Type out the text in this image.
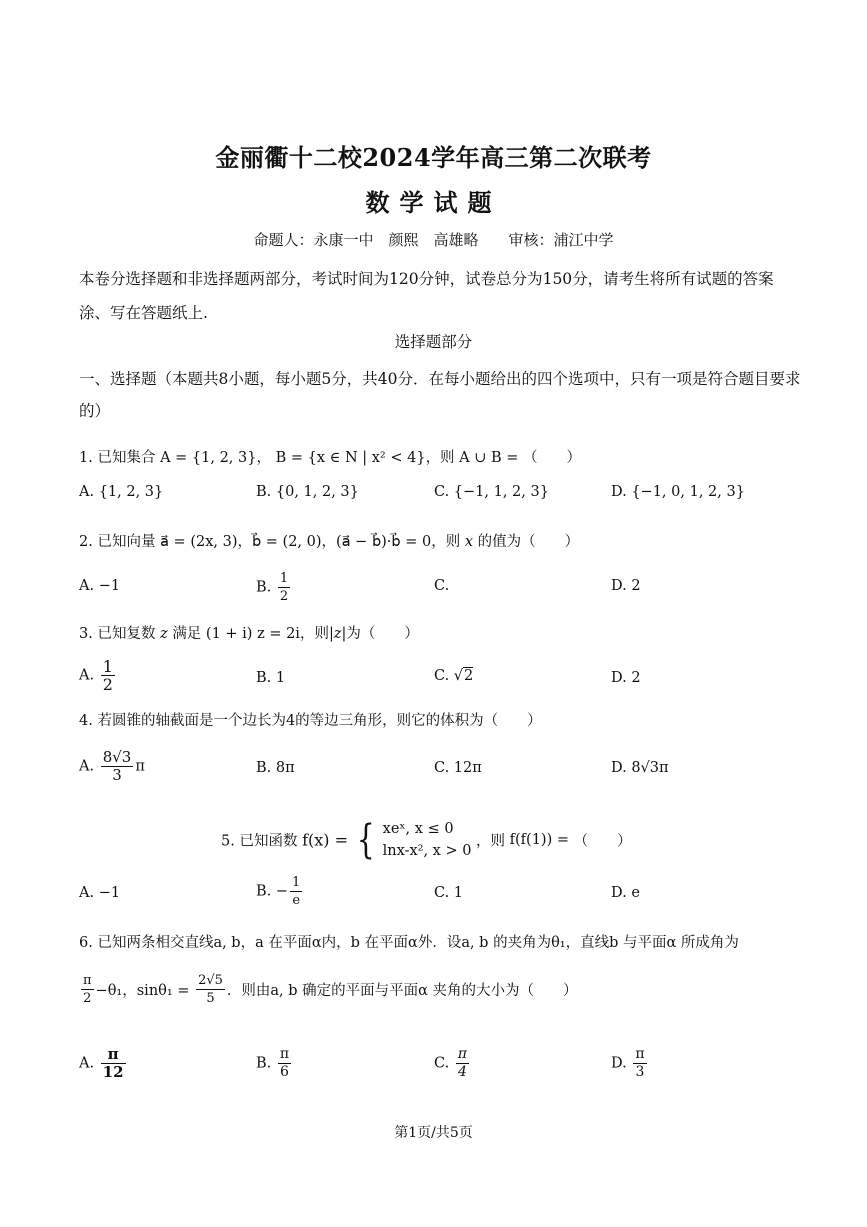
金丽衢十二校2024学年高三第二次联考
数学试题
命题人：永康一中　颜熙　高雄略　　审核：浦江中学
本卷分选择题和非选择题两部分，考试时间为120分钟，试卷总分为150分，请考生将所有试题的答案涂、写在答题纸上.
选择题部分
一、选择题（本题共8小题，每小题5分，共40分．在每小题给出的四个选项中，只有一项是符合题目要求的）
1. 已知集合 A = {1, 2, 3}， B = {x ∈ N | x² < 4}，则 A ∪ B = （　　）
A. {1, 2, 3}	B. {0, 1, 2, 3}	C. {−1, 1, 2, 3}	D. {−1, 0, 1, 2, 3}
2. 已知向量 a⃗ = (2x, 3)，b⃗ = (2, 0)，(a⃗ − b⃗)·b⃗ = 0，则 x 的值为（　　）
A. −1	B. $\frac{1}{2}$	C.	D. 2
3. 已知复数 z 满足 (1 + i) z = 2i，则|z|为（　　）
A. $\frac{1}{2}$	B. 1	C. √2	D. 2
4. 若圆锥的轴截面是一个边长为4的等边三角形，则它的体积为（　　）
A. $\frac{8√3}{3}$ π	B. 8π	C. 12π	D. 8√3π
5. 已知函数 f(x) = { xeˣ, x ≤ 0
lnx-x², x > 0
，则 f(f(1)) = （　　）
A. −1	B. − $\frac{1}{e}$	C. 1	D. e
6. 已知两条相交直线a, b，a 在平面α内，b 在平面α外．设a, b 的夹角为θ₁，直线b 与平面α 所成角为
$\frac{\pi}{2} -\theta_1$，$\sin\theta_1 = \frac{2√5}{5}$ ．则由a, b 确定的平面与平面α 夹角的大小为（　　）
A. $\frac{\pi}{12}$	B. $\frac{\pi}{6}$	C. $\frac{\pi}{4}$	D. $\frac{\pi}{3}$
第1页/共5页
